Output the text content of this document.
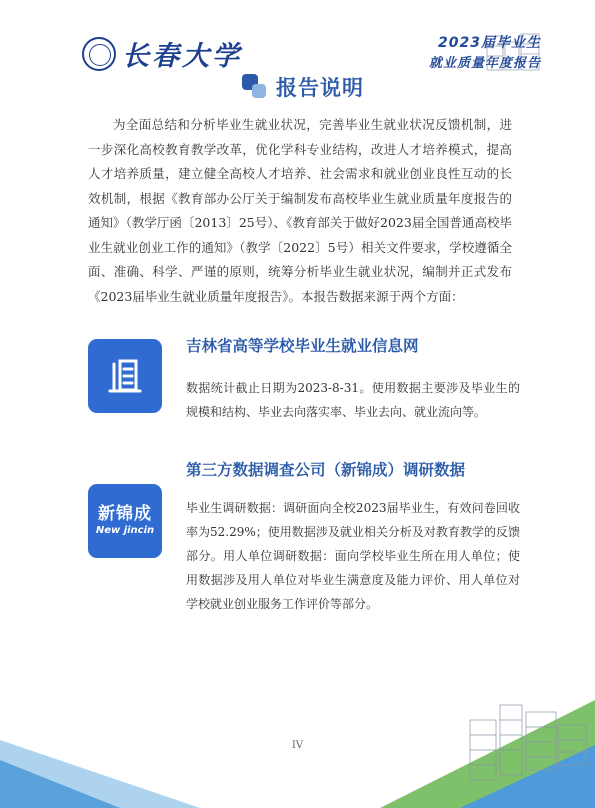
长春大学	2023届毕业生
就业质量年度报告
报告说明

为全面总结和分析毕业生就业状况，完善毕业生就业状况反馈机制，进一步深化高校教育教学改革，优化学科专业结构，改进人才培养模式，提高人才培养质量，建立健全高校人才培养、社会需求和就业创业良性互动的长效机制，根据《教育部办公厅关于编制发布高校毕业生就业质量年度报告的通知》（教学厅函〔2013〕25号）、《教育部关于做好2023届全国普通高校毕业生就业创业工作的通知》（教学〔2022〕5号）相关文件要求，学校遵循全面、准确、科学、严谨的原则，统筹分析毕业生就业状况，编制并正式发布《2023届毕业生就业质量年度报告》。本报告数据来源于两个方面：

吉林省高等学校毕业生就业信息网

数据统计截止日期为2023-8-31。使用数据主要涉及毕业生的规模和结构、毕业去向落实率、毕业去向、就业流向等。

新锦成
New jincin
第三方数据调查公司（新锦成）调研数据

毕业生调研数据：调研面向全校2023届毕业生，有效问卷回收率为52.29%；使用数据涉及就业相关分析及对教育教学的反馈部分。用人单位调研数据：面向学校毕业生所在用人单位；使用数据涉及用人单位对毕业生满意度及能力评价、用人单位对学校就业创业服务工作评价等部分。

IV
